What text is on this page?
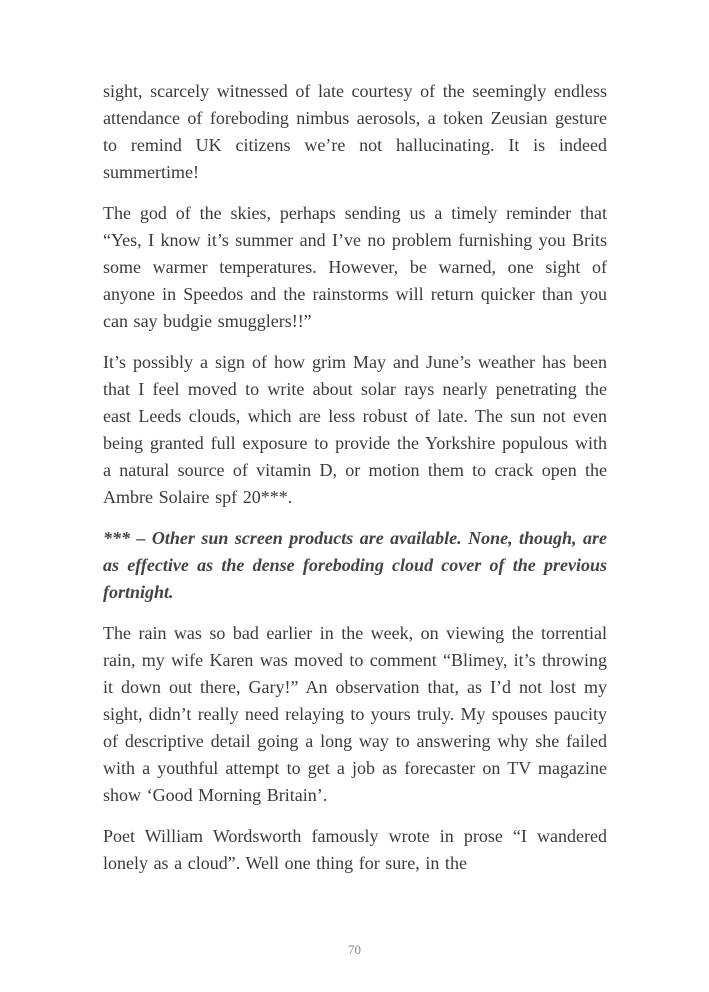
sight, scarcely witnessed of late courtesy of the seemingly endless attendance of foreboding nimbus aerosols, a token Zeusian gesture to remind UK citizens we’re not hallucinating. It is indeed summertime!

The god of the skies, perhaps sending us a timely reminder that “Yes, I know it’s summer and I’ve no problem furnishing you Brits some warmer temperatures. However, be warned, one sight of anyone in Speedos and the rainstorms will return quicker than you can say budgie smugglers!!”

It’s possibly a sign of how grim May and June’s weather has been that I feel moved to write about solar rays nearly penetrating the east Leeds clouds, which are less robust of late. The sun not even being granted full exposure to provide the Yorkshire populous with a natural source of vitamin D, or motion them to crack open the Ambre Solaire spf 20***.

*** – Other sun screen products are available. None, though, are as effective as the dense foreboding cloud cover of the previous fortnight.

The rain was so bad earlier in the week, on viewing the torrential rain, my wife Karen was moved to comment “Blimey, it’s throwing it down out there, Gary!” An observation that, as I’d not lost my sight, didn’t really need relaying to yours truly. My spouses paucity of descriptive detail going a long way to answering why she failed with a youthful attempt to get a job as forecaster on TV magazine show ‘Good Morning Britain’.

Poet William Wordsworth famously wrote in prose “I wandered lonely as a cloud”. Well one thing for sure, in the

70
